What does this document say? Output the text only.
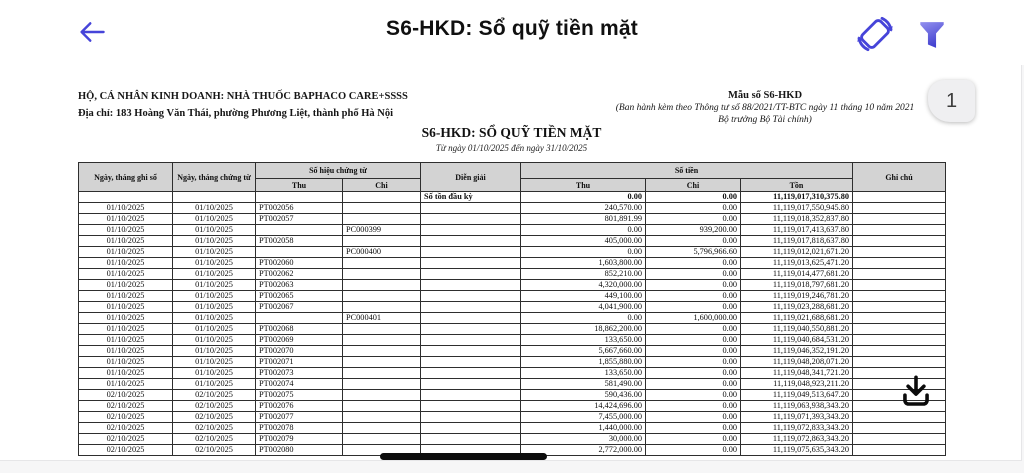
S6-HKD: Sổ quỹ tiền mặt
HỘ, CÁ NHÂN KINH DOANH: NHÀ THUỐC BAPHACO CARE+SSSS
Địa chỉ: 183 Hoàng Văn Thái, phường Phương Liệt, thành phố Hà Nội
Mẫu số S6-HKD
(Ban hành kèm theo Thông tư số 88/2021/TT-BTC ngày 11 tháng 10 năm 2021
Bộ trưởng Bộ Tài chính)
S6-HKD: SỔ QUỸ TIỀN MẶT
Từ ngày 01/10/2025 đến ngày 31/10/2025
Ngày, tháng ghi sổ	Ngày, tháng chứng từ	Số hiệu chứng từ		Diễn giải	Số tiền			Ghi chú
		Thu	Chi		Thu	Chi	Tồn	
				Số tồn đầu kỳ	0.00	0.00	11,119,017,310,375.80	
01/10/2025	01/10/2025	PT002056			240,570.00	0.00	11,119,017,550,945.80	
01/10/2025	01/10/2025	PT002057			801,891.99	0.00	11,119,018,352,837.80	
01/10/2025	01/10/2025		PC000399		0.00	939,200.00	11,119,017,413,637.80	
01/10/2025	01/10/2025	PT002058			405,000.00	0.00	11,119,017,818,637.80	
01/10/2025	01/10/2025		PC000400		0.00	5,796,966.60	11,119,012,021,671.20	
01/10/2025	01/10/2025	PT002060			1,603,800.00	0.00	11,119,013,625,471.20	
01/10/2025	01/10/2025	PT002062			852,210.00	0.00	11,119,014,477,681.20	
01/10/2025	01/10/2025	PT002063			4,320,000.00	0.00	11,119,018,797,681.20	
01/10/2025	01/10/2025	PT002065			449,100.00	0.00	11,119,019,246,781.20	
01/10/2025	01/10/2025	PT002067			4,041,900.00	0.00	11,119,023,288,681.20	
01/10/2025	01/10/2025		PC000401		0.00	1,600,000.00	11,119,021,688,681.20	
01/10/2025	01/10/2025	PT002068			18,862,200.00	0.00	11,119,040,550,881.20	
01/10/2025	01/10/2025	PT002069			133,650.00	0.00	11,119,040,684,531.20	
01/10/2025	01/10/2025	PT002070			5,667,660.00	0.00	11,119,046,352,191.20	
01/10/2025	01/10/2025	PT002071			1,855,880.00	0.00	11,119,048,208,071.20	
01/10/2025	01/10/2025	PT002073			133,650.00	0.00	11,119,048,341,721.20	
01/10/2025	01/10/2025	PT002074			581,490.00	0.00	11,119,048,923,211.20	
02/10/2025	02/10/2025	PT002075			590,436.00	0.00	11,119,049,513,647.20	
02/10/2025	02/10/2025	PT002076			14,424,696.00	0.00	11,119,063,938,343.20	
02/10/2025	02/10/2025	PT002077			7,455,000.00	0.00	11,119,071,393,343.20	
02/10/2025	02/10/2025	PT002078			1,440,000.00	0.00	11,119,072,833,343.20	
02/10/2025	02/10/2025	PT002079			30,000.00	0.00	11,119,072,863,343.20	
02/10/2025	02/10/2025	PT002080			2,772,000.00	0.00	11,119,075,635,343.20	
1
